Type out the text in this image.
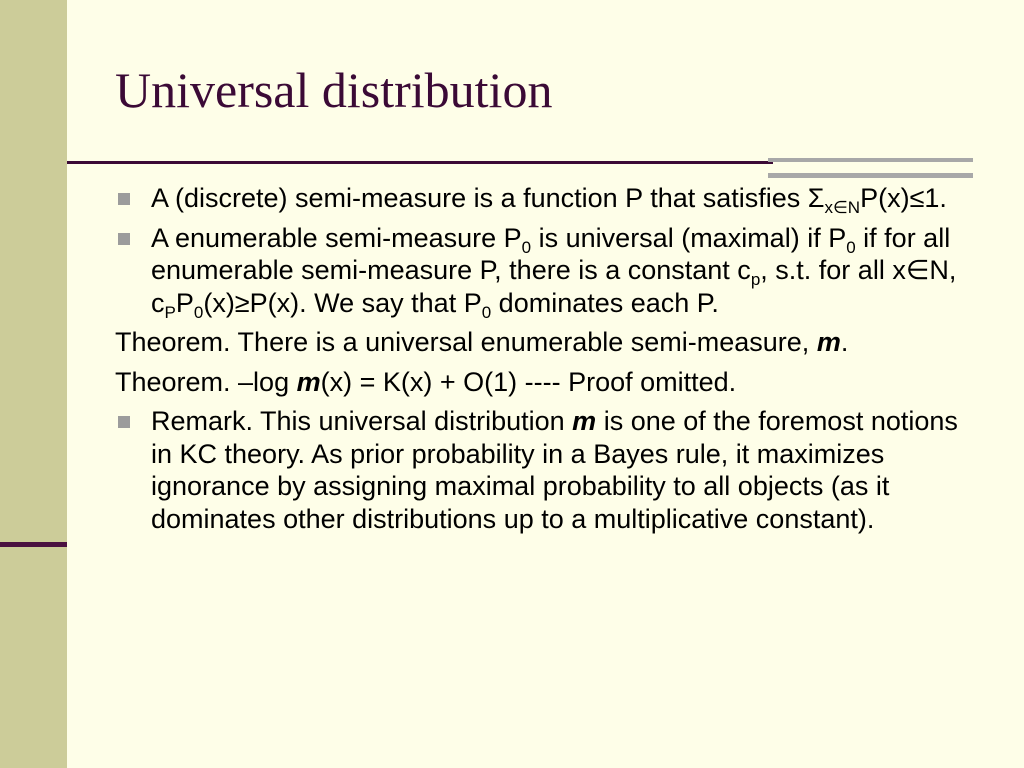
Universal distribution
A (discrete) semi-measure is a function P that satisfies $\Sigma_{x\in N}P(x)\le 1$.
A enumerable semi-measure $P_0$ is universal (maximal) if $P_0$ if for all enumerable semi-measure P, there is a constant $c_p$, s.t. for all x∈N, $c_PP_0(x)\ge P(x)$. We say that $P_0$ dominates each P.
Theorem. There is a universal enumerable semi-measure, m.
Theorem. –log m(x) = K(x) + O(1) ---- Proof omitted.
Remark. This universal distribution m is one of the foremost notions in KC theory. As prior probability in a Bayes rule, it maximizes ignorance by assigning maximal probability to all objects (as it dominates other distributions up to a multiplicative constant).
